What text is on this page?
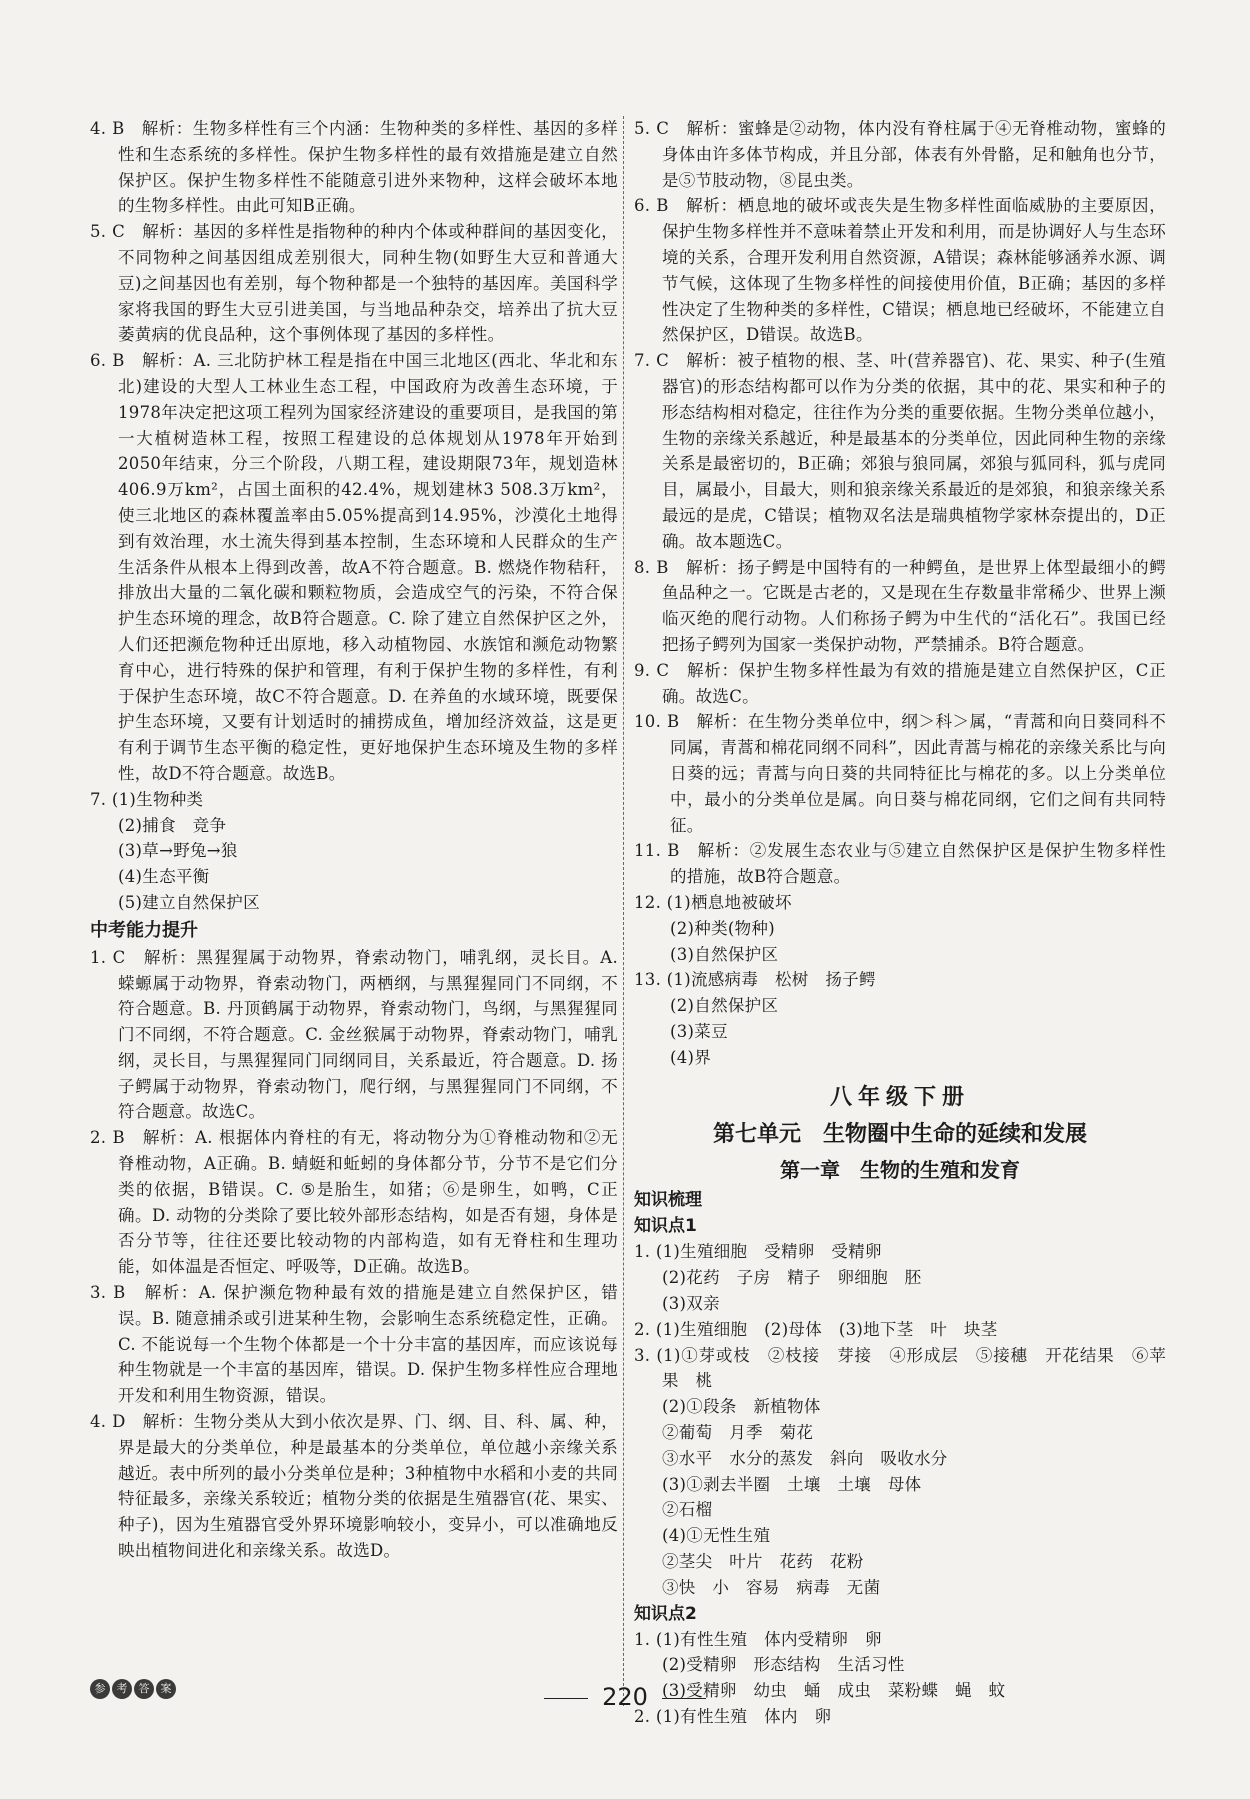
4. B　解析：生物多样性有三个内涵：生物种类的多样性、基因的多样性和生态系统的多样性。保护生物多样性的最有效措施是建立自然保护区。保护生物多样性不能随意引进外来物种，这样会破坏本地的生物多样性。由此可知B正确。

5. C　解析：基因的多样性是指物种的种内个体或种群间的基因变化，不同物种之间基因组成差别很大，同种生物(如野生大豆和普通大豆)之间基因也有差别，每个物种都是一个独特的基因库。美国科学家将我国的野生大豆引进美国，与当地品种杂交，培养出了抗大豆萎黄病的优良品种，这个事例体现了基因的多样性。

6. B　解析：A. 三北防护林工程是指在中国三北地区(西北、华北和东北)建设的大型人工林业生态工程，中国政府为改善生态环境，于1978年决定把这项工程列为国家经济建设的重要项目，是我国的第一大植树造林工程，按照工程建设的总体规划从1978年开始到2050年结束，分三个阶段，八期工程，建设期限73年，规划造林406.9万km²，占国土面积的42.4%，规划建林3 508.3万km²，使三北地区的森林覆盖率由5.05%提高到14.95%，沙漠化土地得到有效治理，水土流失得到基本控制，生态环境和人民群众的生产生活条件从根本上得到改善，故A不符合题意。B. 燃烧作物秸秆，排放出大量的二氧化碳和颗粒物质，会造成空气的污染，不符合保护生态环境的理念，故B符合题意。C. 除了建立自然保护区之外，人们还把濒危物种迁出原地，移入动植物园、水族馆和濒危动物繁育中心，进行特殊的保护和管理，有利于保护生物的多样性，有利于保护生态环境，故C不符合题意。D. 在养鱼的水域环境，既要保护生态环境，又要有计划适时的捕捞成鱼，增加经济效益，这是更有利于调节生态平衡的稳定性，更好地保护生态环境及生物的多样性，故D不符合题意。故选B。

7. (1)生物种类

(2)捕食　竞争

(3)草→野兔→狼

(4)生态平衡

(5)建立自然保护区

中考能力提升

1. C　解析：黑猩猩属于动物界，脊索动物门，哺乳纲，灵长目。A. 蝾螈属于动物界，脊索动物门，两栖纲，与黑猩猩同门不同纲，不符合题意。B. 丹顶鹤属于动物界，脊索动物门，鸟纲，与黑猩猩同门不同纲，不符合题意。C. 金丝猴属于动物界，脊索动物门，哺乳纲，灵长目，与黑猩猩同门同纲同目，关系最近，符合题意。D. 扬子鳄属于动物界，脊索动物门，爬行纲，与黑猩猩同门不同纲，不符合题意。故选C。

2. B　解析：A. 根据体内脊柱的有无，将动物分为①脊椎动物和②无脊椎动物，A正确。B. 蜻蜓和蚯蚓的身体都分节，分节不是它们分类的依据，B错误。C. ⑤是胎生，如猪；⑥是卵生，如鸭，C正确。D. 动物的分类除了要比较外部形态结构，如是否有翅，身体是否分节等，往往还要比较动物的内部构造，如有无脊柱和生理功能，如体温是否恒定、呼吸等，D正确。故选B。

3. B　解析：A. 保护濒危物种最有效的措施是建立自然保护区，错误。B. 随意捕杀或引进某种生物，会影响生态系统稳定性，正确。C. 不能说每一个生物个体都是一个十分丰富的基因库，而应该说每种生物就是一个丰富的基因库，错误。D. 保护生物多样性应合理地开发和利用生物资源，错误。

4. D　解析：生物分类从大到小依次是界、门、纲、目、科、属、种，界是最大的分类单位，种是最基本的分类单位，单位越小亲缘关系越近。表中所列的最小分类单位是种；3种植物中水稻和小麦的共同特征最多，亲缘关系较近；植物分类的依据是生殖器官(花、果实、种子)，因为生殖器官受外界环境影响较小，变异小，可以准确地反映出植物间进化和亲缘关系。故选D。

5. C　解析：蜜蜂是②动物，体内没有脊柱属于④无脊椎动物，蜜蜂的身体由许多体节构成，并且分部，体表有外骨骼，足和触角也分节，是⑤节肢动物，⑧昆虫类。

6. B　解析：栖息地的破坏或丧失是生物多样性面临威胁的主要原因，保护生物多样性并不意味着禁止开发和利用，而是协调好人与生态环境的关系，合理开发利用自然资源，A错误；森林能够涵养水源、调节气候，这体现了生物多样性的间接使用价值，B正确；基因的多样性决定了生物种类的多样性，C错误；栖息地已经破坏，不能建立自然保护区，D错误。故选B。

7. C　解析：被子植物的根、茎、叶(营养器官)、花、果实、种子(生殖器官)的形态结构都可以作为分类的依据，其中的花、果实和种子的形态结构相对稳定，往往作为分类的重要依据。生物分类单位越小，生物的亲缘关系越近，种是最基本的分类单位，因此同种生物的亲缘关系是最密切的，B正确；郊狼与狼同属，郊狼与狐同科，狐与虎同目，属最小，目最大，则和狼亲缘关系最近的是郊狼，和狼亲缘关系最远的是虎，C错误；植物双名法是瑞典植物学家林奈提出的，D正确。故本题选C。

8. B　解析：扬子鳄是中国特有的一种鳄鱼，是世界上体型最细小的鳄鱼品种之一。它既是古老的，又是现在生存数量非常稀少、世界上濒临灭绝的爬行动物。人们称扬子鳄为中生代的“活化石”。我国已经把扬子鳄列为国家一类保护动物，严禁捕杀。B符合题意。

9. C　解析：保护生物多样性最为有效的措施是建立自然保护区，C正确。故选C。

10. B　解析：在生物分类单位中，纲＞科＞属，“青蒿和向日葵同科不同属，青蒿和棉花同纲不同科”，因此青蒿与棉花的亲缘关系比与向日葵的远；青蒿与向日葵的共同特征比与棉花的多。以上分类单位中，最小的分类单位是属。向日葵与棉花同纲，它们之间有共同特征。

11. B　解析：②发展生态农业与⑤建立自然保护区是保护生物多样性的措施，故B符合题意。

12. (1)栖息地被破坏

(2)种类(物种)

(3)自然保护区

13. (1)流感病毒　松树　扬子鳄

(2)自然保护区

(3)菜豆

(4)界

八年级下册
第七单元　生物圈中生命的延续和发展
第一章　生物的生殖和发育
知识梳理
知识点1

1. (1)生殖细胞　受精卵　受精卵

(2)花药　子房　精子　卵细胞　胚

(3)双亲

2. (1)生殖细胞　(2)母体　(3)地下茎　叶　块茎

3. (1)①芽或枝　②枝接　芽接　④形成层　⑤接穗　开花结果　⑥苹果　桃

(2)①段条　新植物体

②葡萄　月季　菊花

③水平　水分的蒸发　斜向　吸收水分

(3)①剥去半圈　土壤　土壤　母体

②石榴

(4)①无性生殖

②茎尖　叶片　花药　花粉

③快　小　容易　病毒　无菌

知识点2

1. (1)有性生殖　体内受精卵　卵

(2)受精卵　形态结构　生活习性

(3)受精卵　幼虫　蛹　成虫　菜粉蝶　蝇　蚊

2. (1)有性生殖　体内　卵

参	考	答	案	220
